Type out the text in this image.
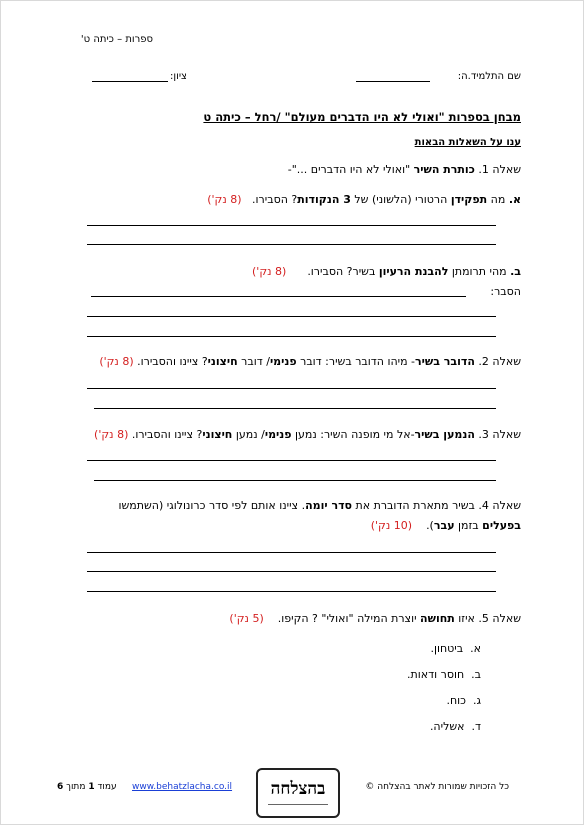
ספרות – כיתה ט'
שם התלמיד.ה:
ציון:
מבחן בספרות "ואולי לא היו הדברים מעולם" /רחל – כיתה ט
ענו על השאלות הבאות
שאלה 1. כותרת השיר "ואולי לא היו הדברים ..."-
א. מה תפקידן הרטורי (הלשוני) של 3 הנקודות? הסבירו.   (8 נק')
ב. מהי תרומתן להבנת הרעיון בשיר? הסבירו.      (8 נק')
הסבר:
שאלה 2. הדובר בשיר- מיהו הדובר בשיר: דובר פנימי/ דובר חיצוני? ציינו והסבירו. (8 נק')
שאלה 3. הנמען בשיר-אל מי מופנה השיר: נמען פנימי/ נמען חיצוני? ציינו והסבירו. (8 נק')
שאלה 4. בשיר מתארת הדוברת את סדר יומה. ציינו אותם לפי סדר כרונולוגי (השתמשו
בפעלים בזמן עבר).    (10 נק')
שאלה 5. איזו תחושה יוצרת המילה "ואולי" ? הקיפו.    (5 נק')
א.  ביטחון.
ב.  חוסר ודאות.
ג.  כוח.
ד.  אשליה.
כל הזכויות שמורות לאתר בהצלחה ©
בהצלחה
www.behatzlacha.co.il
עמוד 1 מתוך 6
